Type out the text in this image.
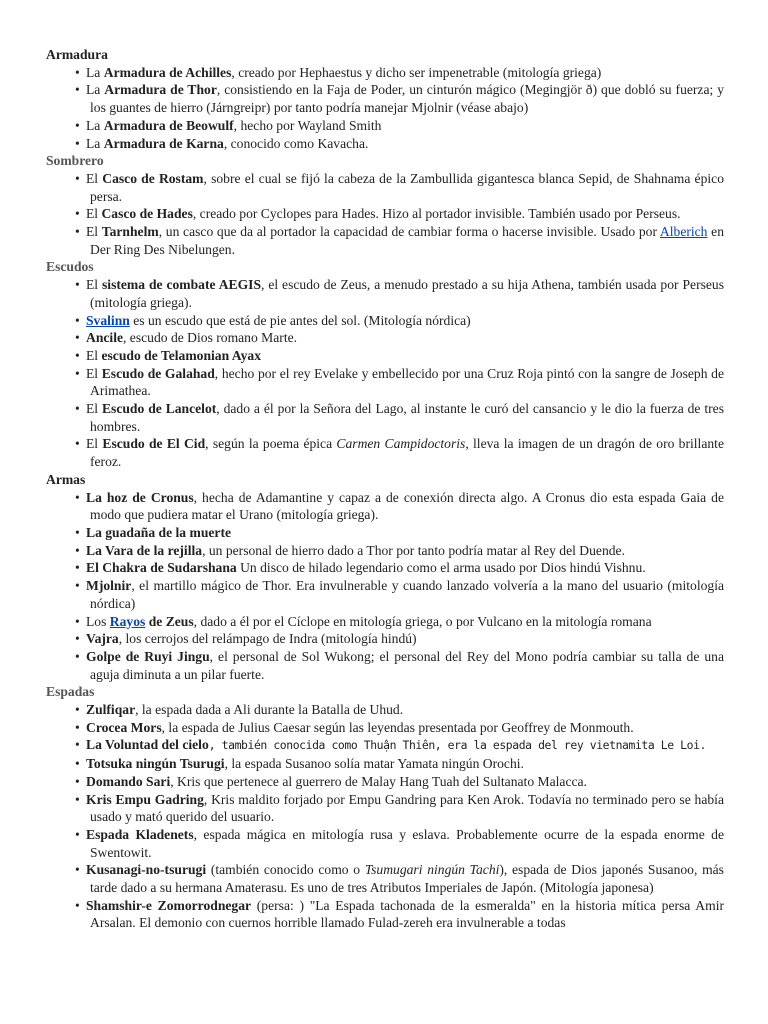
Armadura
• La Armadura de Achilles, creado por Hephaestus y dicho ser impenetrable (mitología griega)
• La Armadura de Thor, consistiendo en la Faja de Poder, un cinturón mágico (Megingjör ð) que dobló su fuerza; y los guantes de hierro (Járngreipr) por tanto podría manejar Mjolnir (véase abajo)
• La Armadura de Beowulf, hecho por Wayland Smith
• La Armadura de Karna, conocido como Kavacha.
Sombrero
• El Casco de Rostam, sobre el cual se fijó la cabeza de la Zambullida gigantesca blanca Sepid, de Shahnama épico persa.
• El Casco de Hades, creado por Cyclopes para Hades. Hizo al portador invisible. También usado por Perseus.
• El Tarnhelm, un casco que da al portador la capacidad de cambiar forma o hacerse invisible. Usado por Alberich en Der Ring Des Nibelungen.
Escudos
• El sistema de combate AEGIS, el escudo de Zeus, a menudo prestado a su hija Athena, también usada por Perseus (mitología griega).
• Svalinn es un escudo que está de pie antes del sol. (Mitología nórdica)
• Ancile, escudo de Dios romano Marte.
• El escudo de Telamonian Ayax
• El Escudo de Galahad, hecho por el rey Evelake y embellecido por una Cruz Roja pintó con la sangre de Joseph de Arimathea.
• El Escudo de Lancelot, dado a él por la Señora del Lago, al instante le curó del cansancio y le dio la fuerza de tres hombres.
• El Escudo de El Cid, según la poema épica Carmen Campidoctoris, lleva la imagen de un dragón de oro brillante feroz.
Armas
• La hoz de Cronus, hecha de Adamantine y capaz a de conexión directa algo. A Cronus dio esta espada Gaia de modo que pudiera matar el Urano (mitología griega).
• La guadaña de la muerte
• La Vara de la rejilla, un personal de hierro dado a Thor por tanto podría matar al Rey del Duende.
• El Chakra de Sudarshana Un disco de hilado legendario como el arma usado por Dios hindú Vishnu.
• Mjolnir, el martillo mágico de Thor. Era invulnerable y cuando lanzado volvería a la mano del usuario (mitología nórdica)
• Los Rayos de Zeus, dado a él por el Cíclope en mitología griega, o por Vulcano en la mitología romana
• Vajra, los cerrojos del relámpago de Indra (mitología hindú)
• Golpe de Ruyi Jingu, el personal de Sol Wukong; el personal del Rey del Mono podría cambiar su talla de una aguja diminuta a un pilar fuerte.
Espadas
• Zulfiqar, la espada dada a Ali durante la Batalla de Uhud.
• Crocea Mors, la espada de Julius Caesar según las leyendas presentada por Geoffrey de Monmouth.
• La Voluntad del cielo, también conocida como Thuận Thiên, era la espada del rey vietnamita Le Loi.
• Totsuka ningún Tsurugi, la espada Susanoo solía matar Yamata ningún Orochi.
• Domando Sari, Kris que pertenece al guerrero de Malay Hang Tuah del Sultanato Malacca.
• Kris Empu Gadring, Kris maldito forjado por Empu Gandring para Ken Arok. Todavía no terminado pero se había usado y mató querido del usuario.
• Espada Kladenets, espada mágica en mitología rusa y eslava. Probablemente ocurre de la espada enorme de Swentowit.
• Kusanagi-no-tsurugi (también conocido como o Tsumugari ningún Tachi), espada de Dios japonés Susanoo, más tarde dado a su hermana Amaterasu. Es uno de tres Atributos Imperiales de Japón. (Mitología japonesa)
• Shamshir-e Zomorrodnegar (persa: ) "La Espada tachonada de la esmeralda" en la historia mítica persa Amir Arsalan. El demonio con cuernos horrible llamado Fulad-zereh era invulnerable a todas
